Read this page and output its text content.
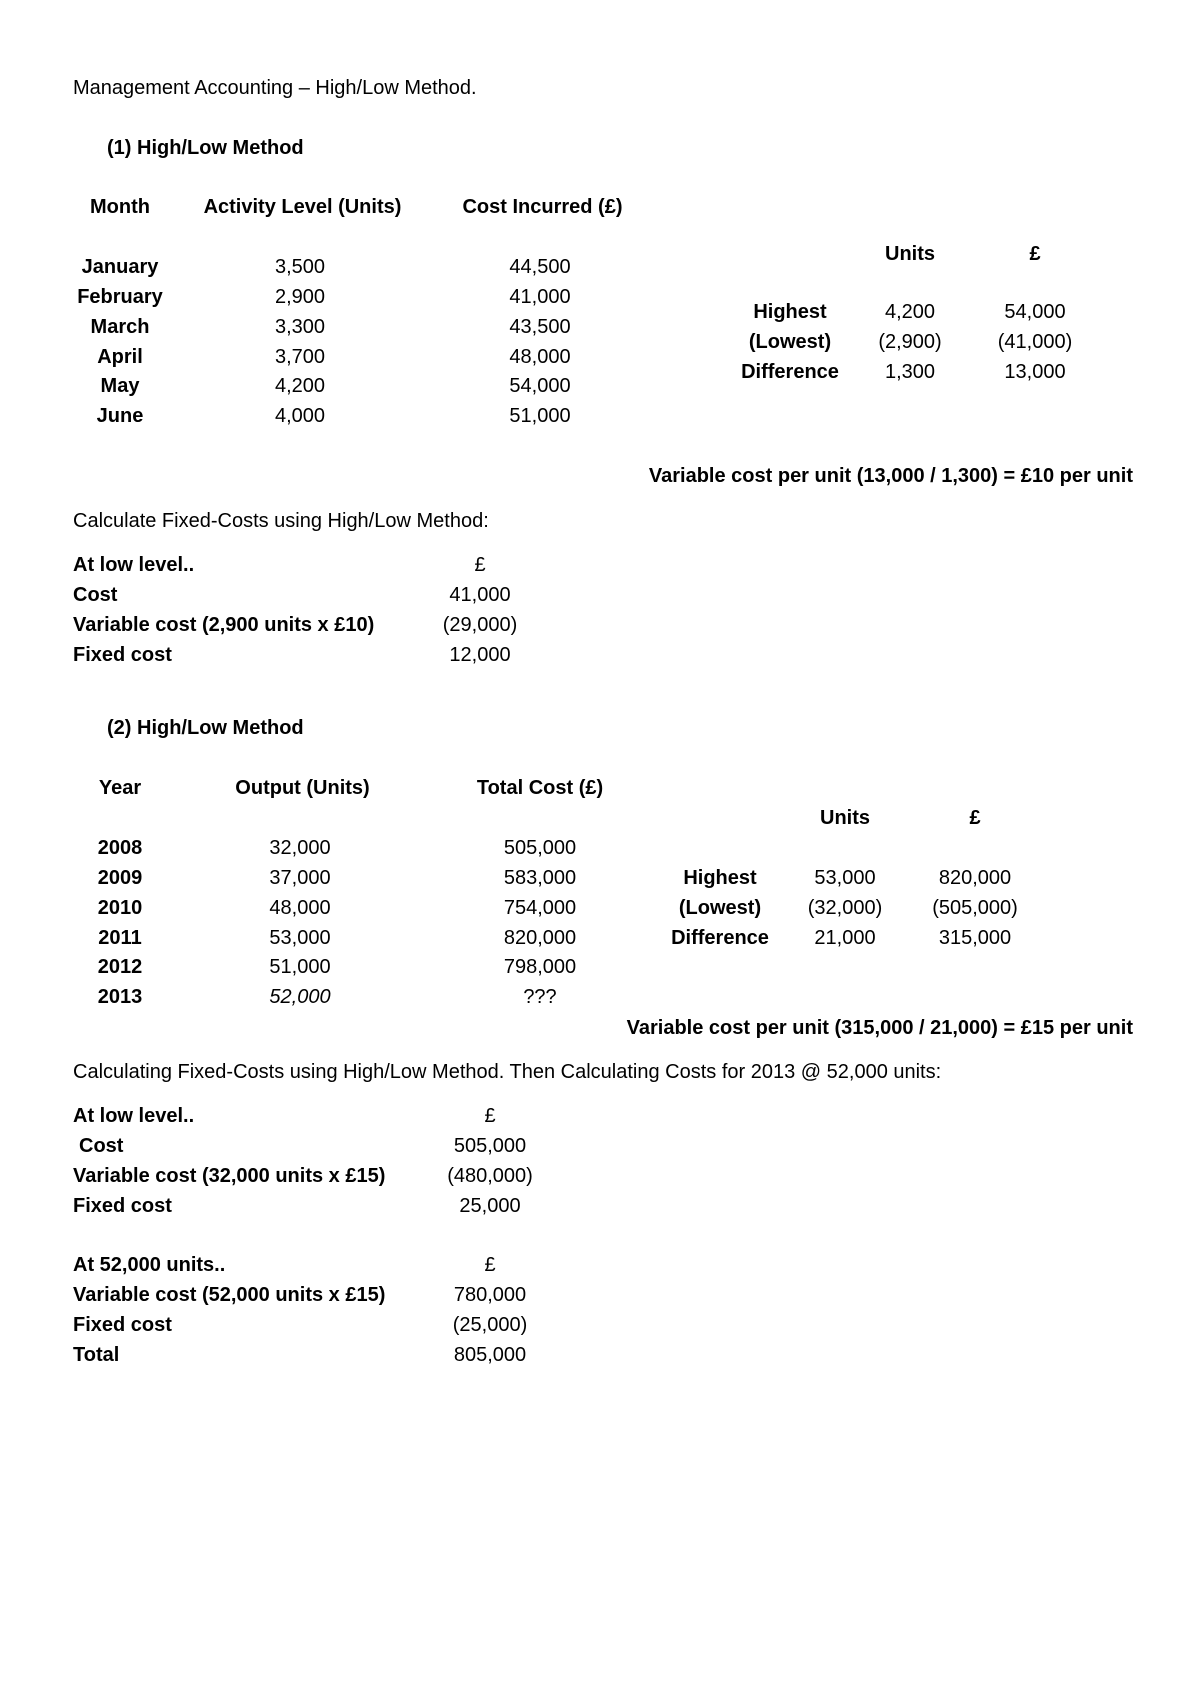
Management Accounting – High/Low Method.
(1) High/Low Method
Month	Activity Level (Units)	Cost Incurred (£)
January	3,500	44,500
February	2,900	41,000
March	3,300	43,500
April	3,700	48,000
May	4,200	54,000
June	4,000	51,000
Units	£
Highest	4,200	54,000
(Lowest)	(2,900)	(41,000)
Difference	1,300	13,000
Variable cost per unit (13,000 / 1,300) = £10 per unit
Calculate Fixed-Costs using High/Low Method:
At low level..	£
Cost	41,000
Variable cost (2,900 units x £10)	(29,000)
Fixed cost	12,000
(2) High/Low Method
Year	Output (Units)	Total Cost (£)
2008	32,000	505,000
2009	37,000	583,000
2010	48,000	754,000
2011	53,000	820,000
2012	51,000	798,000
2013	52,000	???
Units	£
Highest	53,000	820,000
(Lowest)	(32,000)	(505,000)
Difference	21,000	315,000
Variable cost per unit (315,000 / 21,000) = £15 per unit
Calculating Fixed-Costs using High/Low Method. Then Calculating Costs for 2013 @ 52,000 units:
At low level..	£
Cost	505,000
Variable cost (32,000 units x £15)	(480,000)
Fixed cost	25,000
At 52,000 units..	£
Variable cost (52,000 units x £15)	780,000
Fixed cost	(25,000)
Total	805,000
